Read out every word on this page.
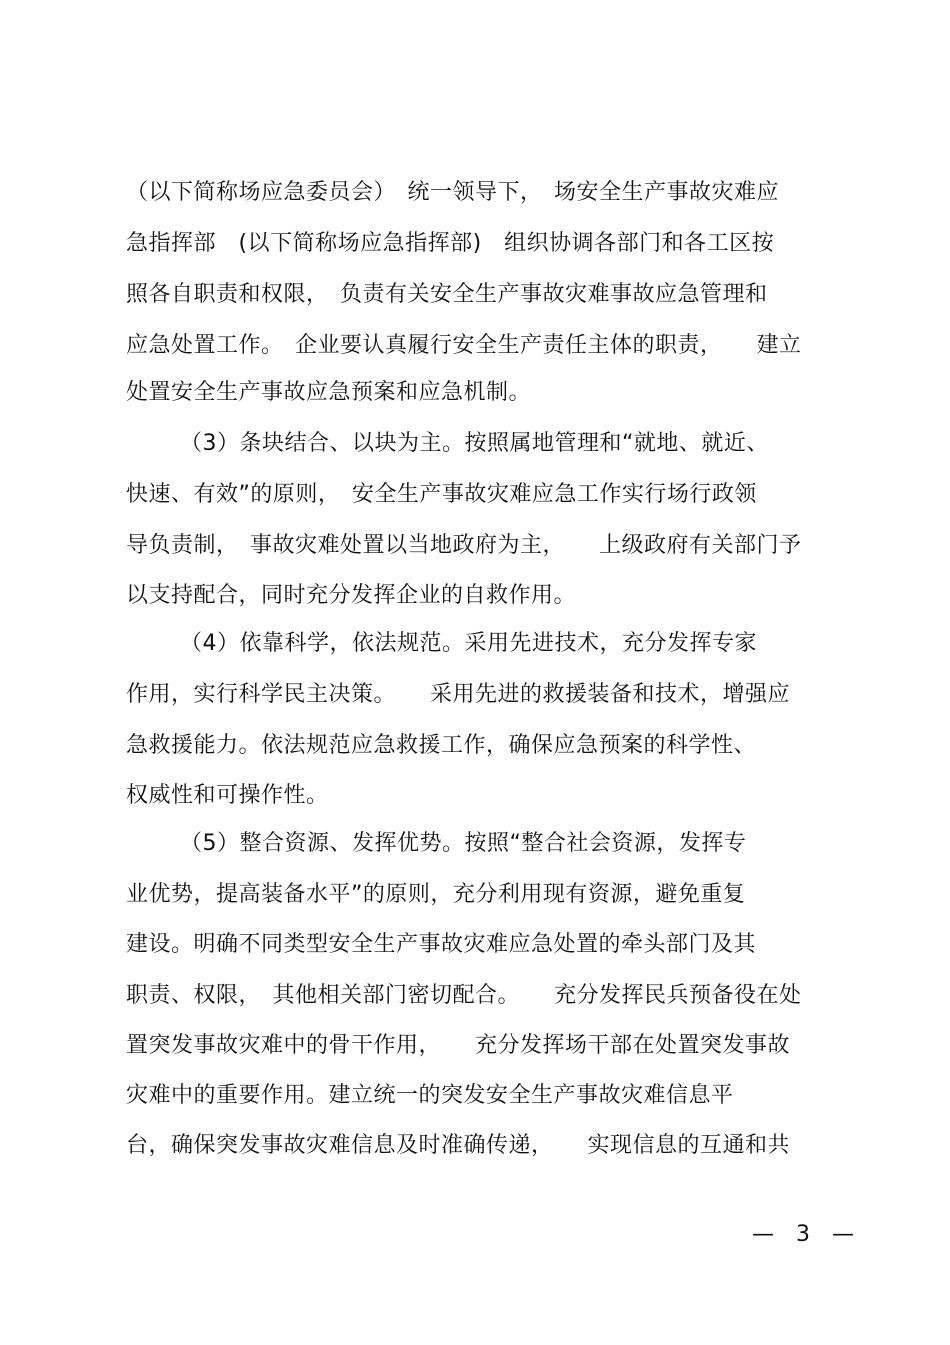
（以下简称场应急委员会）　统一领导下，　场安全生产事故灾难应
急指挥部　(以下简称场应急指挥部)　组织协调各部门和各工区按
照各自职责和权限，　负责有关安全生产事故灾难事故应急管理和
应急处置工作。　企业要认真履行安全生产责任主体的职责，　　建立
处置安全生产事故应急预案和应急机制。
（3）条块结合、以块为主。按照属地管理和“就地、就近、
快速、有效”的原则，　安全生产事故灾难应急工作实行场行政领
导负责制，　事故灾难处置以当地政府为主，　　上级政府有关部门予
以支持配合，同时充分发挥企业的自救作用。
（4）依靠科学，依法规范。采用先进技术，充分发挥专家
作用，实行科学民主决策。　　采用先进的救援装备和技术，增强应
急救援能力。依法规范应急救援工作，确保应急预案的科学性、
权威性和可操作性。
（5）整合资源、发挥优势。按照“整合社会资源，发挥专
业优势，提高装备水平”的原则，充分利用现有资源，避免重复
建设。明确不同类型安全生产事故灾难应急处置的牵头部门及其
职责、权限，　其他相关部门密切配合。　　充分发挥民兵预备役在处
置突发事故灾难中的骨干作用，　　充分发挥场干部在处置突发事故
灾难中的重要作用。建立统一的突发安全生产事故灾难信息平
台，确保突发事故灾难信息及时准确传递，　　实现信息的互通和共
—　3　—
